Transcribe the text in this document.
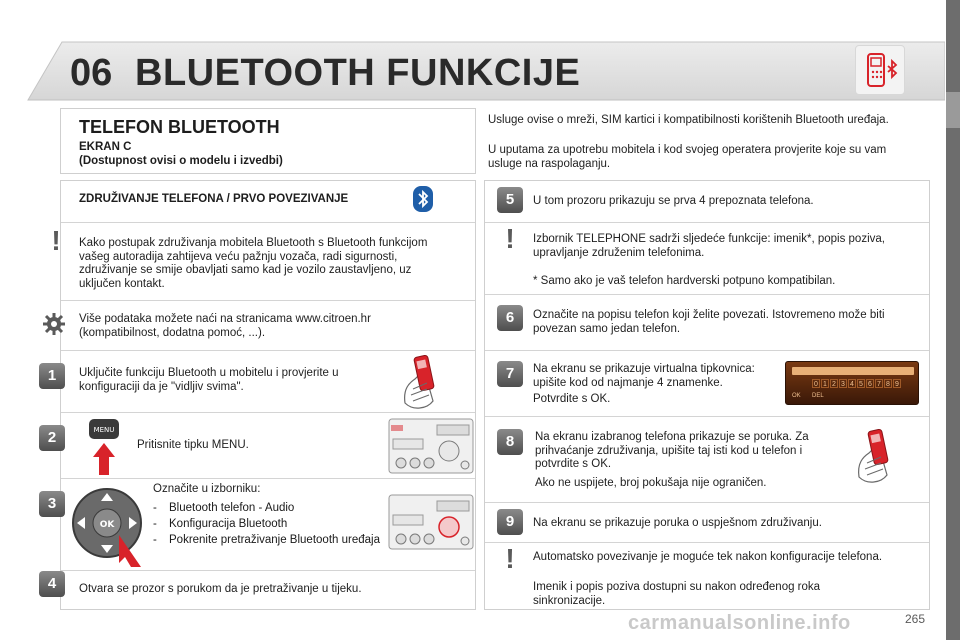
06 BLUETOOTH FUNKCIJE
TELEFON BLUETOOTH
EKRAN C
(Dostupnost ovisi o modelu i izvedbi)
Usluge ovise o mreži, SIM kartici i kompatibilnosti korištenih Bluetooth uređaja.
U uputama za upotrebu mobitela i kod svojeg operatera provjerite koje su vam usluge na raspolaganju.
ZDRUŽIVANJE TELEFONA / PRVO POVEZIVANJE
!	Kako postupak združivanja mobitela Bluetooth s Bluetooth funkcijom vašeg autoradija zahtijeva veću pažnju vozača, radi sigurnosti, združivanje se smije obavljati samo kad je vozilo zaustavljeno, uz uključen kontakt.
Više podataka možete naći na stranicama www.citroen.hr (kompatibilnost, dodatna pomoć, ...).
1	Uključite funkciju Bluetooth u mobitelu i provjerite u konfiguraciji da je "vidljiv svima".
2	MENU
Pritisnite tipku MENU.
3
OK
Označite u izborniku:
- Bluetooth telefon - Audio
- Konfiguracija Bluetooth
- Pokrenite pretraživanje Bluetooth uređaja
4	Otvara se prozor s porukom da je pretraživanje u tijeku.
5	U tom prozoru prikazuju se prva 4 prepoznata telefona.
!	Izbornik TELEPHONE sadrži sljedeće funkcije: imenik*, popis poziva, upravljanje združenim telefonima.
* Samo ako je vaš telefon hardverski potpuno kompatibilan.
6	Označite na popisu telefon koji želite povezati. Istovremeno može biti povezan samo jedan telefon.
7	Na ekranu se prikazuje virtualna tipkovnica: upišite kod od najmanje 4 znamenke.
Potvrdite s OK.
0 1 2 3 4 5 6 7 8 9
OK DEL
8	Na ekranu izabranog telefona prikazuje se poruka. Za prihvaćanje združivanja, upišite taj isti kod u telefon i potvrdite s OK.
Ako ne uspijete, broj pokušaja nije ograničen.
9	Na ekranu se prikazuje poruka o uspješnom združivanju.
!	Automatsko povezivanje je moguće tek nakon konfiguracije telefona.
Imenik i popis poziva dostupni su nakon određenog roka sinkronizacije.
carmanualsonline.info	265
